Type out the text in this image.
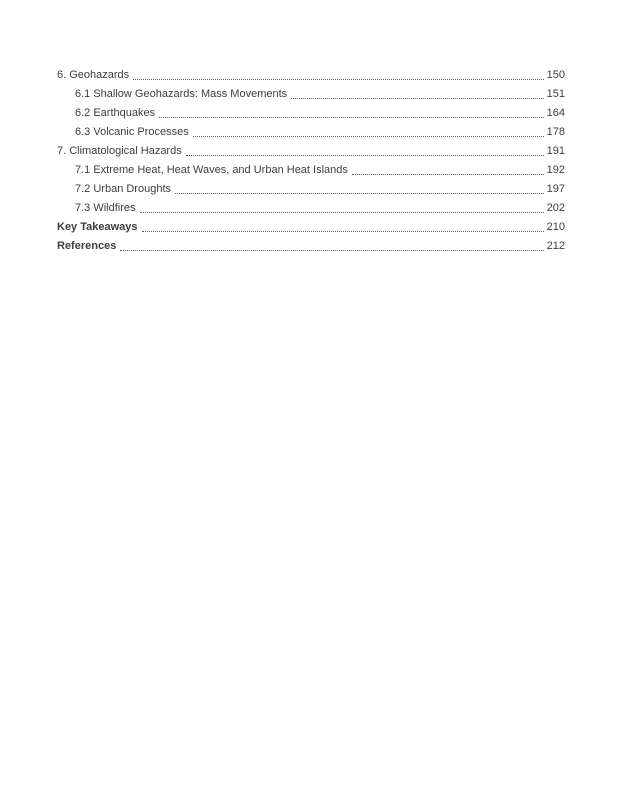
6. Geohazards	150
6.1 Shallow Geohazards: Mass Movements	151
6.2 Earthquakes	164
6.3 Volcanic Processes	178
7. Climatological Hazards	191
7.1 Extreme Heat, Heat Waves, and Urban Heat Islands	192
7.2 Urban Droughts	197
7.3 Wildfires	202
Key Takeaways	210
References	212
